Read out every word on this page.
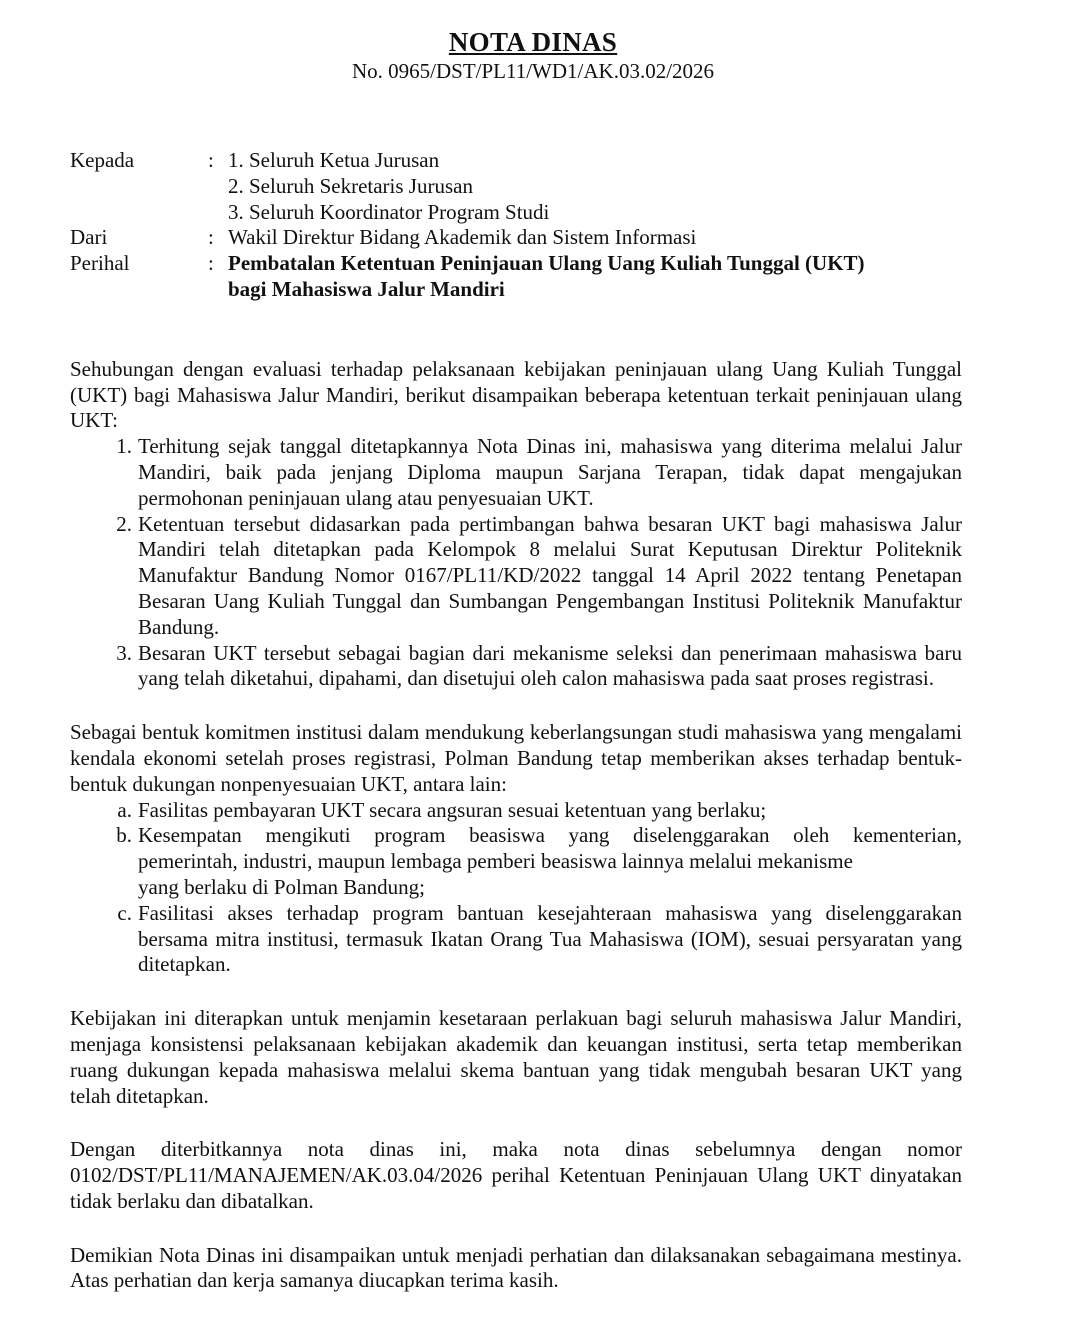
NOTA DINAS
No. 0965/DST/PL11/WD1/AK.03.02/2026
Kepada	:	1. Seluruh Ketua Jurusan
2. Seluruh Sekretaris Jurusan
3. Seluruh Koordinator Program Studi

Dari	:	Wakil Direktur Bidang Akademik dan Sistem Informasi
Perihal	:	Pembatalan Ketentuan Peninjauan Ulang Uang Kuliah Tunggal (UKT)
bagi Mahasiswa Jalur Mandiri

Sehubungan dengan evaluasi terhadap pelaksanaan kebijakan peninjauan ulang Uang Kuliah Tunggal (UKT) bagi Mahasiswa Jalur Mandiri, berikut disampaikan beberapa ketentuan terkait peninjauan ulang UKT:

1. Terhitung sejak tanggal ditetapkannya Nota Dinas ini, mahasiswa yang diterima melalui Jalur Mandiri, baik pada jenjang Diploma maupun Sarjana Terapan, tidak dapat mengajukan permohonan peninjauan ulang atau penyesuaian UKT.
2. Ketentuan tersebut didasarkan pada pertimbangan bahwa besaran UKT bagi mahasiswa Jalur Mandiri telah ditetapkan pada Kelompok 8 melalui Surat Keputusan Direktur Politeknik Manufaktur Bandung Nomor 0167/PL11/KD/2022 tanggal 14 April 2022 tentang Penetapan Besaran Uang Kuliah Tunggal dan Sumbangan Pengembangan Institusi Politeknik Manufaktur Bandung.
3. Besaran UKT tersebut sebagai bagian dari mekanisme seleksi dan penerimaan mahasiswa baru yang telah diketahui, dipahami, dan disetujui oleh calon mahasiswa pada saat proses registrasi.

Sebagai bentuk komitmen institusi dalam mendukung keberlangsungan studi mahasiswa yang mengalami kendala ekonomi setelah proses registrasi, Polman Bandung tetap memberikan akses terhadap bentuk-bentuk dukungan nonpenyesuaian UKT, antara lain:

a. Fasilitas pembayaran UKT secara angsuran sesuai ketentuan yang berlaku;
b. Kesempatan mengikuti program beasiswa yang diselenggarakan oleh kementerian,
pemerintah, industri, maupun lembaga pemberi beasiswa lainnya melalui mekanisme
yang berlaku di Polman Bandung;
c. Fasilitasi akses terhadap program bantuan kesejahteraan mahasiswa yang diselenggarakan bersama mitra institusi, termasuk Ikatan Orang Tua Mahasiswa (IOM), sesuai persyaratan yang ditetapkan.

Kebijakan ini diterapkan untuk menjamin kesetaraan perlakuan bagi seluruh mahasiswa Jalur Mandiri, menjaga konsistensi pelaksanaan kebijakan akademik dan keuangan institusi, serta tetap memberikan ruang dukungan kepada mahasiswa melalui skema bantuan yang tidak mengubah besaran UKT yang telah ditetapkan.

Dengan diterbitkannya nota dinas ini, maka nota dinas sebelumnya dengan nomor 0102/DST/PL11/MANAJEMEN/AK.03.04/2026 perihal Ketentuan Peninjauan Ulang UKT dinyatakan tidak berlaku dan dibatalkan.

Demikian Nota Dinas ini disampaikan untuk menjadi perhatian dan dilaksanakan sebagaimana mestinya. Atas perhatian dan kerja samanya diucapkan terima kasih.
